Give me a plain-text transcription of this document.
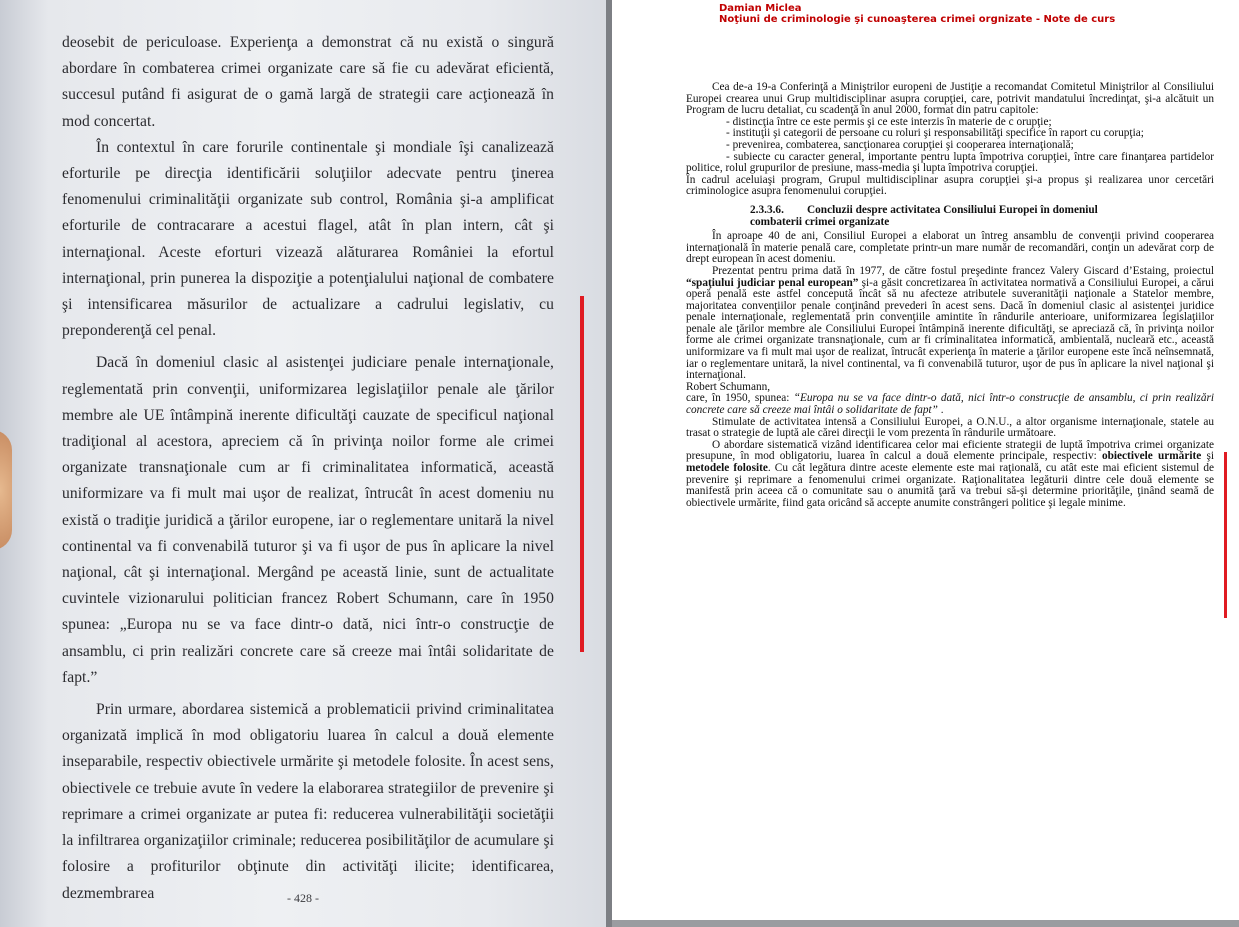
deosebit de periculoase. Experienţa a demonstrat că nu există o singură abordare în combaterea crimei organizate care să fie cu adevărat eficientă, succesul putând fi asigurat de o gamă largă de strategii care acţionează în mod concertat.

În contextul în care forurile continentale şi mondiale îşi canalizează eforturile pe direcţia identificării soluţiilor adecvate pentru ţinerea fenomenului criminalităţii organizate sub control, România şi-a amplificat eforturile de contracarare a acestui flagel, atât în plan intern, cât şi internaţional. Aceste eforturi vizează alăturarea României la efortul internaţional, prin punerea la dispoziţie a potenţialului naţional de combatere şi intensificarea măsurilor de actualizare a cadrului legislativ, cu preponderenţă cel penal.

Dacă în domeniul clasic al asistenţei judiciare penale internaţionale, reglementată prin convenţii, uniformizarea legislaţiilor penale ale ţărilor membre ale UE întâmpină inerente dificultăţi cauzate de specificul naţional tradiţional al acestora, apreciem că în privinţa noilor forme ale crimei organizate transnaţionale cum ar fi criminalitatea informatică, această uniformizare va fi mult mai uşor de realizat, întrucât în acest domeniu nu există o tradiţie juridică a ţărilor europene, iar o reglementare unitară la nivel continental va fi convenabilă tuturor şi va fi uşor de pus în aplicare la nivel naţional, cât şi internaţional. Mergând pe această linie, sunt de actualitate cuvintele vizionarului politician francez Robert Schumann, care în 1950 spunea: „Europa nu se va face dintr-o dată, nici într-o construcţie de ansamblu, ci prin realizări concrete care să creeze mai întâi solidaritate de fapt.”

Prin urmare, abordarea sistemică a problematicii privind criminalitatea organizată implică în mod obligatoriu luarea în calcul a două elemente inseparabile, respectiv obiectivele urmărite şi metodele folosite. În acest sens, obiectivele ce trebuie avute în vedere la elaborarea strategiilor de prevenire şi reprimare a crimei organizate ar putea fi: reducerea vulnerabilităţii societăţii la infiltrarea organizaţiilor criminale; reducerea posibilităţilor de acumulare şi folosire a profiturilor obţinute din activităţi ilicite; identificarea, dezmembrarea	- 428 -
Damian Miclea
Noţiuni de criminologie şi cunoaşterea crimei orgnizate - Note de curs

Cea de-a 19-a Conferinţă a Miniştrilor europeni de Justiţie a recomandat Comitetul Miniştrilor al Consiliului Europei crearea unui Grup multidisciplinar asupra corupţiei, care, potrivit mandatului încredinţat, şi-a alcătuit un Program de lucru detaliat, cu scadenţă în anul 2000, format din patru capitole:

- distincţia între ce este permis şi ce este interzis în materie de c orupţie;

- instituţii şi categorii de persoane cu roluri şi responsabilităţi specifice în raport cu corupţia;

- prevenirea, combaterea, sancţionarea corupţiei şi cooperarea internaţională;

- subiecte cu caracter general, importante pentru lupta împotriva corupţiei, între care finanţarea partidelor politice, rolul grupurilor de presiune, mass-media şi lupta împotriva corupţiei.

În cadrul aceluiaşi program, Grupul multidisciplinar asupra corupţiei şi-a propus şi realizarea unor cercetări criminologice asupra fenomenului corupţiei.

2.3.3.6. Concluzii despre activitatea Consiliului Europei în domeniul
combaterii crimei organizate

În aproape 40 de ani, Consiliul Europei a elaborat un întreg ansamblu de convenţii privind cooperarea internaţională în materie penală care, completate printr-un mare număr de recomandări, conţin un adevărat corp de drept european în acest domeniu.

Prezentat pentru prima dată în 1977, de către fostul preşedinte francez Valery Giscard d’Estaing, proiectul “spaţiului judiciar penal european” şi-a găsit concretizarea în activitatea normativă a Consiliului Europei, a cărui operă penală este astfel concepută încât să nu afecteze atributele suveranităţii naţionale a Statelor membre, majoritatea convenţiilor penale conţinând prevederi în acest sens. Dacă în domeniul clasic al asistenţei juridice penale internaţionale, reglementată prin convenţiile amintite în rândurile anterioare, uniformizarea legislaţiilor penale ale ţărilor membre ale Consiliului Europei întâmpină inerente dificultăţi, se apreciază că, în privinţa noilor forme ale crimei organizate transnaţionale, cum ar fi criminalitatea informatică, ambientală, nucleară etc., această uniformizare va fi mult mai uşor de realizat, întrucât experienţa în materie a ţărilor europene este încă neînsemnată, iar o reglementare unitară, la nivel continental, va fi convenabilă tuturor, uşor de pus în aplicare la nivel naţional şi internaţional.

Robert Schumann,

care, în 1950, spunea: “Europa nu se va face dintr-o dată, nici într-o construcţie de ansamblu, ci prin realizări concrete care să creeze mai întâi o solidaritate de fapt” .

Stimulate de activitatea intensă a Consiliului Europei, a O.N.U., a altor organisme internaţionale, statele au trasat o strategie de luptă ale cărei direcţii le vom prezenta în rândurile următoare.

O abordare sistematică vizând identificarea celor mai eficiente strategii de luptă împotriva crimei organizate presupune, în mod obligatoriu, luarea în calcul a două elemente principale, respectiv: obiectivele urmărite şi metodele folosite. Cu cât legătura dintre aceste elemente este mai raţională, cu atât este mai eficient sistemul de prevenire şi reprimare a fenomenului crimei organizate. Raţionalitatea legăturii dintre cele două elemente se manifestă prin aceea că o comunitate sau o anumită ţară va trebui să-şi determine priorităţile, ţinând seamă de obiectivele urmărite, fiind gata oricând să accepte anumite constrângeri politice şi legale minime.
